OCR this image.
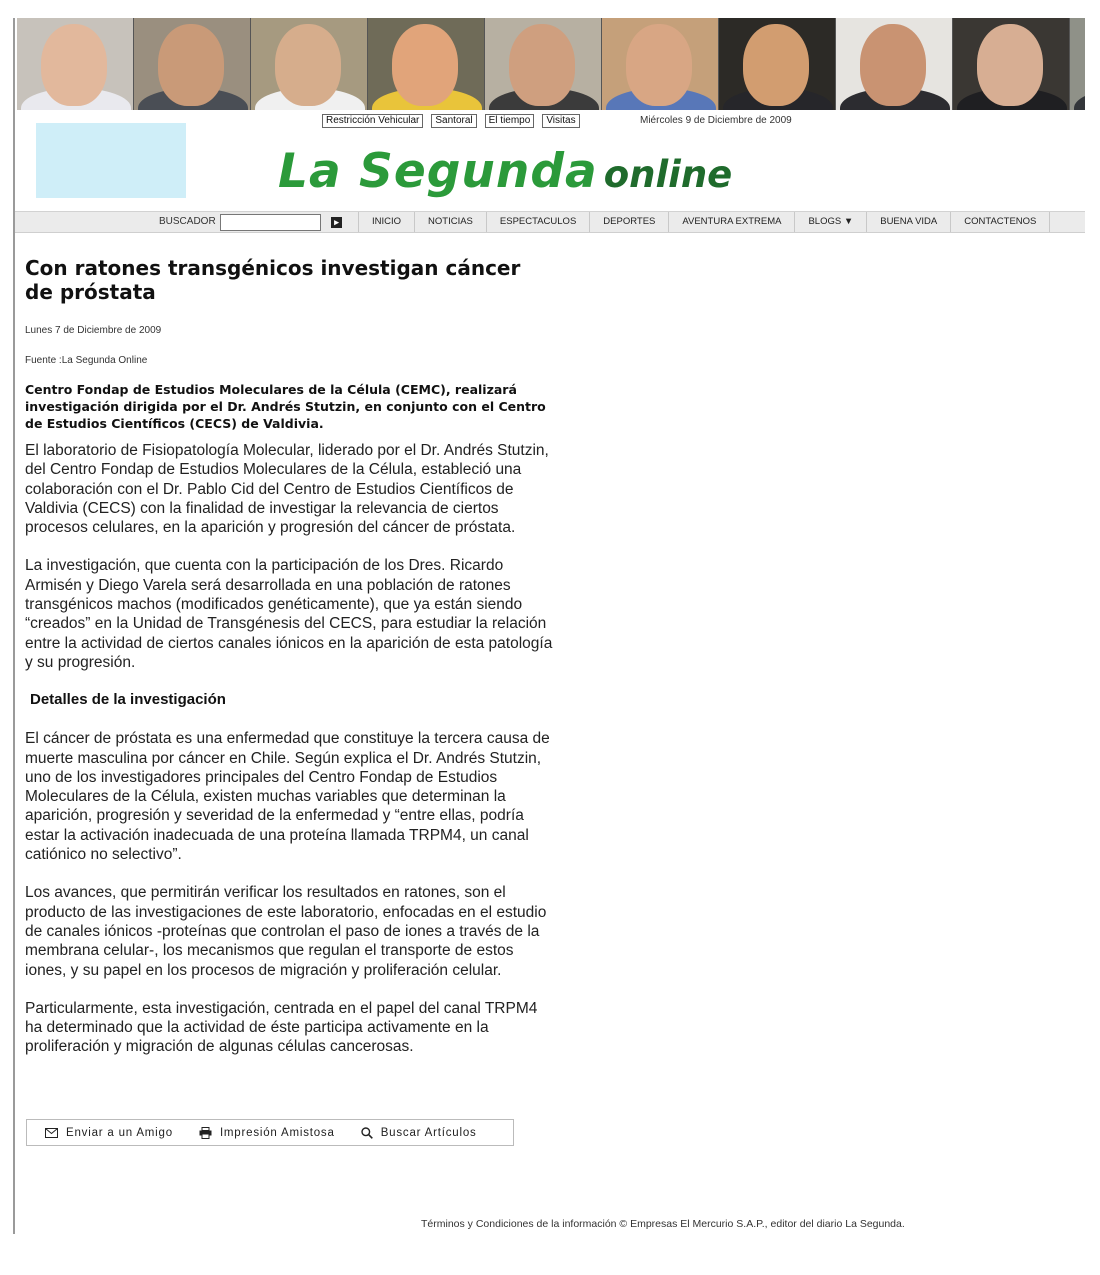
Restricción Vehicular	Santoral	El tiempo	Visitas	Miércoles 9 de Diciembre de 2009
La Segunda online
BUSCADOR	▸	INICIO	NOTICIAS	ESPECTACULOS	DEPORTES	AVENTURA EXTREMA	BLOGS ▼	BUENA VIDA	CONTACTENOS
Con ratones transgénicos investigan cáncer de próstata
Lunes 7 de Diciembre de 2009
Fuente :La Segunda Online
Centro Fondap de Estudios Moleculares de la Célula (CEMC), realizará investigación dirigida por el Dr. Andrés Stutzin, en conjunto con el Centro de Estudios Científicos (CECS) de Valdivia.

El laboratorio de Fisiopatología Molecular, liderado por el Dr. Andrés Stutzin, del Centro Fondap de Estudios Moleculares de la Célula, estableció una colaboración con el Dr. Pablo Cid del Centro de Estudios Científicos de Valdivia (CECS) con la finalidad de investigar la relevancia de ciertos procesos celulares, en la aparición y progresión del cáncer de próstata.

La investigación, que cuenta con la participación de los Dres. Ricardo Armisén y Diego Varela será desarrollada en una población de ratones transgénicos machos (modificados genéticamente), que ya están siendo “creados” en la Unidad de Transgénesis del CECS, para estudiar la relación entre la actividad de ciertos canales iónicos en la aparición de esta patología y su progresión.

Detalles de la investigación

El cáncer de próstata es una enfermedad que constituye la tercera causa de muerte masculina por cáncer en Chile. Según explica el Dr. Andrés Stutzin, uno de los investigadores principales del Centro Fondap de Estudios Moleculares de la Célula, existen muchas variables que determinan la aparición, progresión y severidad de la enfermedad y “entre ellas, podría estar la activación inadecuada de una proteína llamada TRPM4, un canal catiónico no selectivo”.

Los avances, que permitirán verificar los resultados en ratones, son el producto de las investigaciones de este laboratorio, enfocadas en el estudio de canales iónicos -proteínas que controlan el paso de iones a través de la membrana celular-, los mecanismos que regulan el transporte de estos iones, y su papel en los procesos de migración y proliferación celular.

Particularmente, esta investigación, centrada en el papel del canal TRPM4 ha determinado que la actividad de éste participa activamente en la proliferación y migración de algunas células cancerosas.

Enviar a un Amigo	Impresión Amistosa	Buscar Artículos
Términos y Condiciones de la información © Empresas El Mercurio S.A.P., editor del diario La Segunda.
